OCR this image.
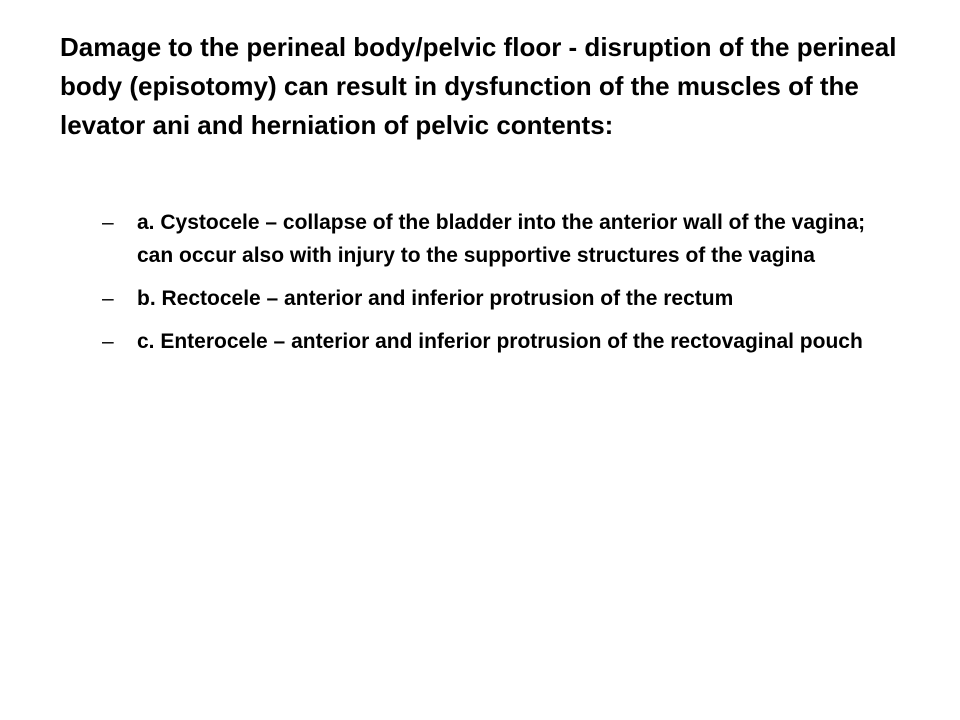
Damage to the perineal body/pelvic floor - disruption of the perineal body (episotomy) can result in dysfunction of the muscles of the levator ani and herniation of pelvic contents:

– a. Cystocele – collapse of the bladder into the anterior wall of the vagina; can occur also with injury to the supportive structures of the vagina
– b. Rectocele – anterior and inferior protrusion of the rectum
– c. Enterocele – anterior and inferior protrusion of the rectovaginal pouch
